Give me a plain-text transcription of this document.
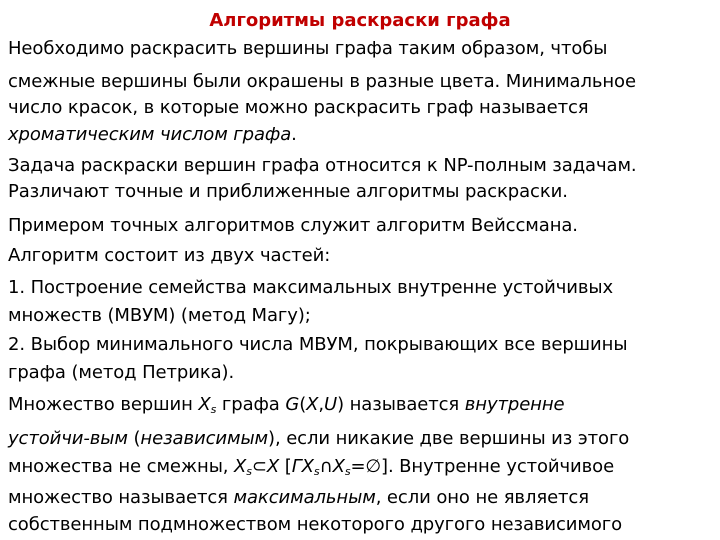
Алгоритмы раскраски графа
Необходимо раскрасить вершины графа таким образом, чтобы
смежные вершины были окрашены в разные цвета. Минимальное
число красок, в которые можно раскрасить граф называется
хроматическим числом графа.
Задача раскраски вершин графа относится к NP-полным задачам.
Различают точные и приближенные алгоритмы раскраски.
Примером точных алгоритмов служит алгоритм Вейссмана.
Алгоритм состоит из двух частей:
1. Построение семейства максимальных внутренне устойчивых
множеств (МВУМ) (метод Магу);
2. Выбор минимального числа МВУМ, покрывающих все вершины
графа (метод Петрика).
Множество вершин $X_s$ графа G(X,U) называется внутренне
устойчи-вым (независимым), если никакие две вершины из этого
множества не смежны, $X_s\subset X$ $[\Gamma X_s\cap X_s=\emptyset]$. Внутренне устойчивое
множество называется максимальным, если оно не является
собственным подмножеством некоторого другого независимого
